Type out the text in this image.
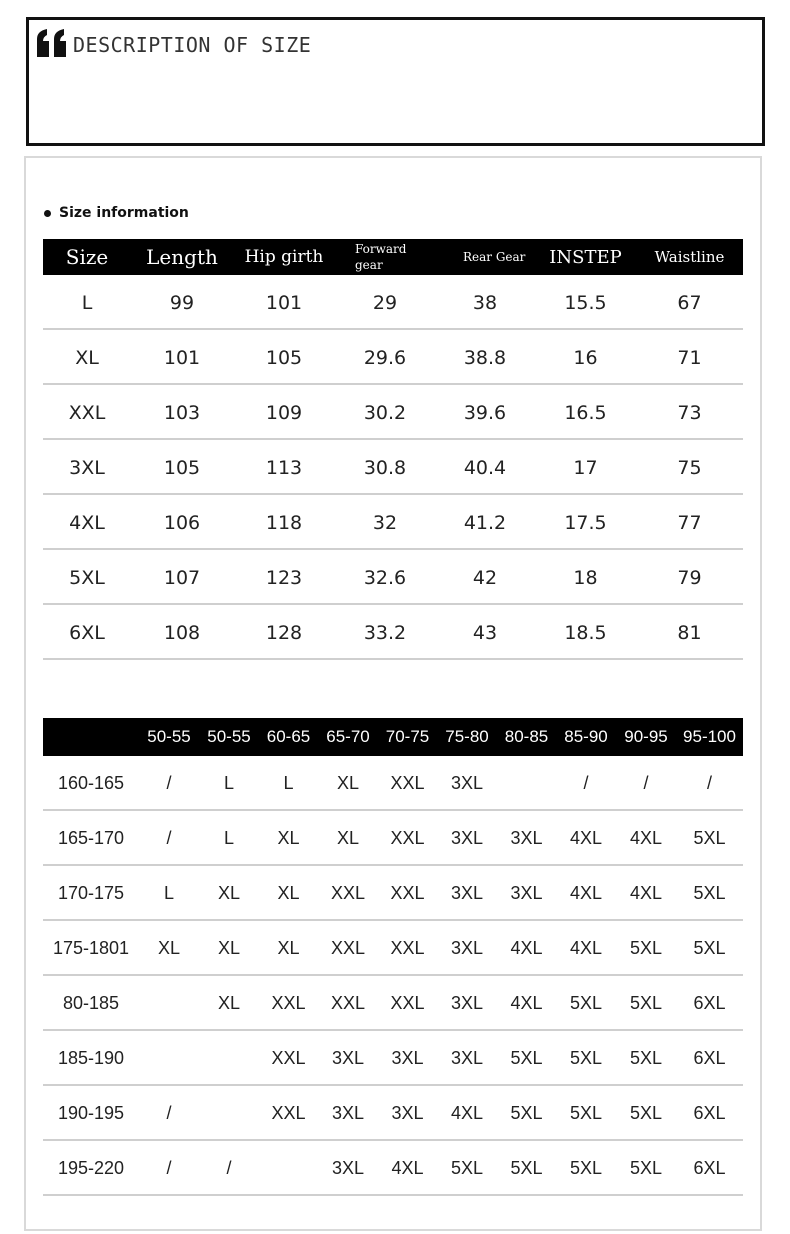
DESCRIPTION OF SIZE
Size information
Size	Length	Hip girth	Forward gear	Rear Gear	INSTEP	Waistline
L	99	101	29	38	15.5	67
XL	101	105	29.6	38.8	16	71
XXL	103	109	30.2	39.6	16.5	73
3XL	105	113	30.8	40.4	17	75
4XL	106	118	32	41.2	17.5	77
5XL	107	123	32.6	42	18	79
6XL	108	128	33.2	43	18.5	81
	50-55	50-55	60-65	65-70	70-75	75-80	80-85	85-90	90-95	95-100
160-165	/	L	L	XL	XXL	3XL		/	/	/
165-170	/	L	XL	XL	XXL	3XL	3XL	4XL	4XL	5XL
170-175	L	XL	XL	XXL	XXL	3XL	3XL	4XL	4XL	5XL
175-1801	XL	XL	XL	XXL	XXL	3XL	4XL	4XL	5XL	5XL
80-185		XL	XXL	XXL	XXL	3XL	4XL	5XL	5XL	6XL
185-190			XXL	3XL	3XL	3XL	5XL	5XL	5XL	6XL
190-195	/		XXL	3XL	3XL	4XL	5XL	5XL	5XL	6XL
195-220	/	/		3XL	4XL	5XL	5XL	5XL	5XL	6XL
